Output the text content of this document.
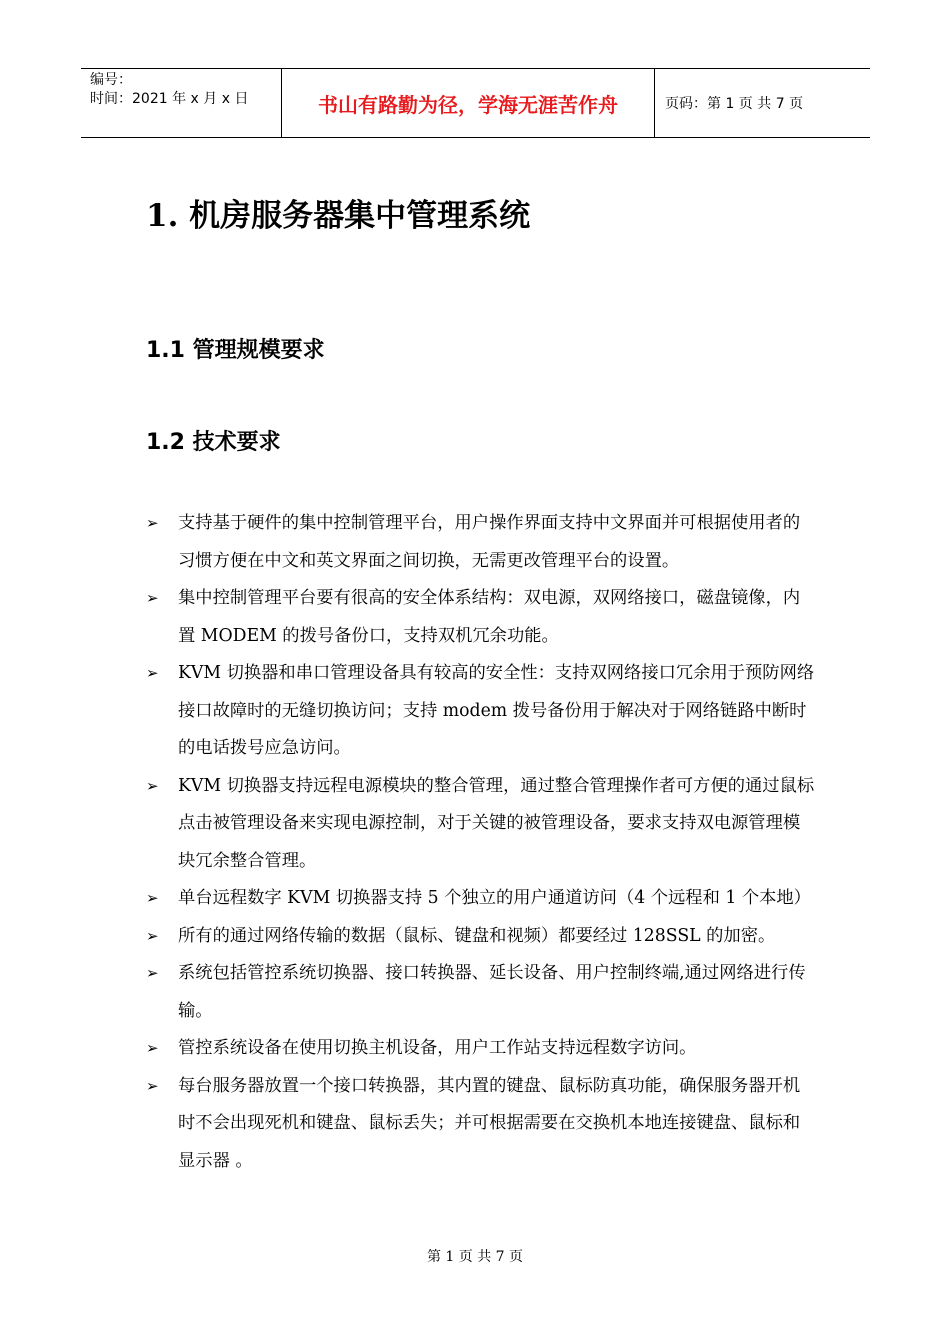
编号：
时间：2021 年 x 月 x 日	书山有路勤为径，学海无涯苦作舟	页码：第 1 页 共 7 页
1. 机房服务器集中管理系统
1.1 管理规模要求
1.2 技术要求
➢ 支持基于硬件的集中控制管理平台，用户操作界面支持中文界面并可根据使用者的习惯方便在中文和英文界面之间切换，无需更改管理平台的设置。
➢ 集中控制管理平台要有很高的安全体系结构：双电源，双网络接口，磁盘镜像，内置 MODEM 的拨号备份口，支持双机冗余功能。
➢ KVM 切换器和串口管理设备具有较高的安全性：支持双网络接口冗余用于预防网络接口故障时的无缝切换访问；支持 modem 拨号备份用于解决对于网络链路中断时的电话拨号应急访问。
➢ KVM 切换器支持远程电源模块的整合管理，通过整合管理操作者可方便的通过鼠标点击被管理设备来实现电源控制，对于关键的被管理设备，要求支持双电源管理模块冗余整合管理。
➢ 单台远程数字 KVM 切换器支持 5 个独立的用户通道访问（4 个远程和 1 个本地）
➢ 所有的通过网络传输的数据（鼠标、键盘和视频）都要经过 128SSL 的加密。
➢ 系统包括管控系统切换器、接口转换器、延长设备、用户控制终端,通过网络进行传输。
➢ 管控系统设备在使用切换主机设备，用户工作站支持远程数字访问。
➢ 每台服务器放置一个接口转换器，其内置的键盘、鼠标防真功能，确保服务器开机时不会出现死机和键盘、鼠标丢失；并可根据需要在交换机本地连接键盘、鼠标和显示器 。
第 1 页 共 7 页
